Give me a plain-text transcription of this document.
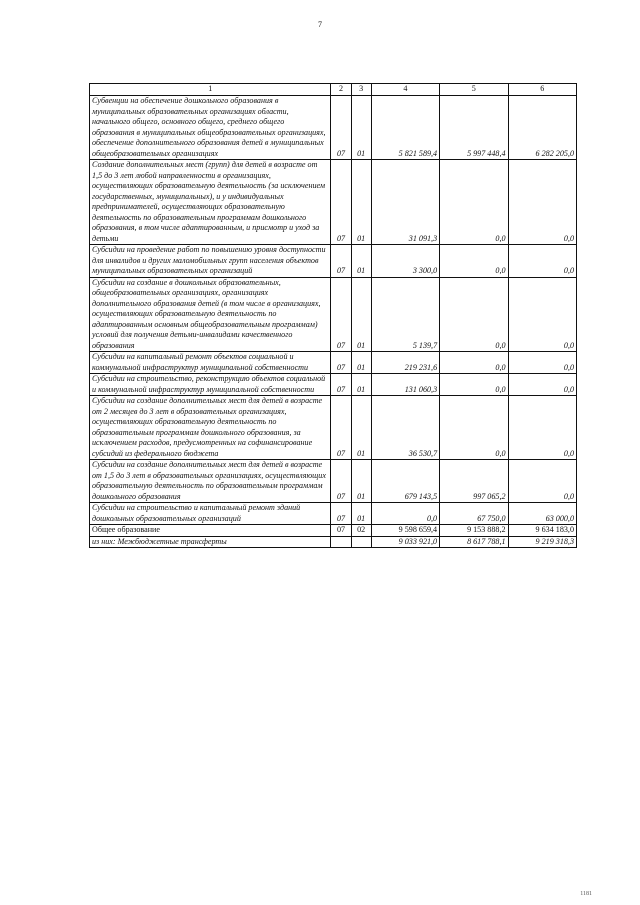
7
1	2	3	4	5	6
Субвенции на обеспечение дошкольного образования в муниципальных образовательных организациях области, начального общего, основного общего, среднего общего образования в муниципальных общеобразовательных организациях, обеспечение дополнительного образования детей в муниципальных общеобразовательных организациях	07	01	5 821 589,4	5 997 448,4	6 282 205,0
Создание дополнительных мест (групп) для детей в возрасте от 1,5 до 3 лет любой направленности в организациях, осуществляющих образовательную деятельность (за исключением государственных, муниципальных), и у индивидуальных предпринимателей, осуществляющих образовательную деятельность по образовательным программам дошкольного образования, в том числе адаптированным, и присмотр и уход за детьми	07	01	31 091,3	0,0	0,0
Субсидии на проведение работ по повышению уровня доступности для инвалидов и других маломобильных групп населения объектов муниципальных образовательных организаций	07	01	3 300,0	0,0	0,0
Субсидии на создание в дошкольных образовательных, общеобразовательных организациях, организациях дополнительного образования детей (в том числе в организациях, осуществляющих образовательную деятельность по адаптированным основным общеобразовательным программам) условий для получения детьми-инвалидами качественного образования	07	01	5 139,7	0,0	0,0
Субсидии на капитальный ремонт объектов социальной и коммунальной инфраструктур муниципальной собственности	07	01	219 231,6	0,0	0,0
Субсидии на строительство, реконструкцию объектов социальной и коммунальной инфраструктур муниципальной собственности	07	01	131 060,3	0,0	0,0
Субсидии на создание дополнительных мест для детей в возрасте от 2 месяцев до 3 лет в образовательных организациях, осуществляющих образовательную деятельность по образовательным программам дошкольного образования, за исключением расходов, предусмотренных на софинансирование субсидий из федерального бюджета	07	01	36 530,7	0,0	0,0
Субсидии на создание дополнительных мест для детей в возрасте от 1,5 до 3 лет в образовательных организациях, осуществляющих образовательную деятельность по образовательным программам дошкольного образования	07	01	679 143,5	997 065,2	0,0
Субсидии на строительство и капитальный ремонт зданий дошкольных образовательных организаций	07	01	0,0	67 750,0	63 000,0
Общее образование	07	02	9 598 659,4	9 153 888,2	9 634 183,0
из них: Межбюджетные трансферты			9 033 921,0	8 617 788,1	9 219 318,3
1181
